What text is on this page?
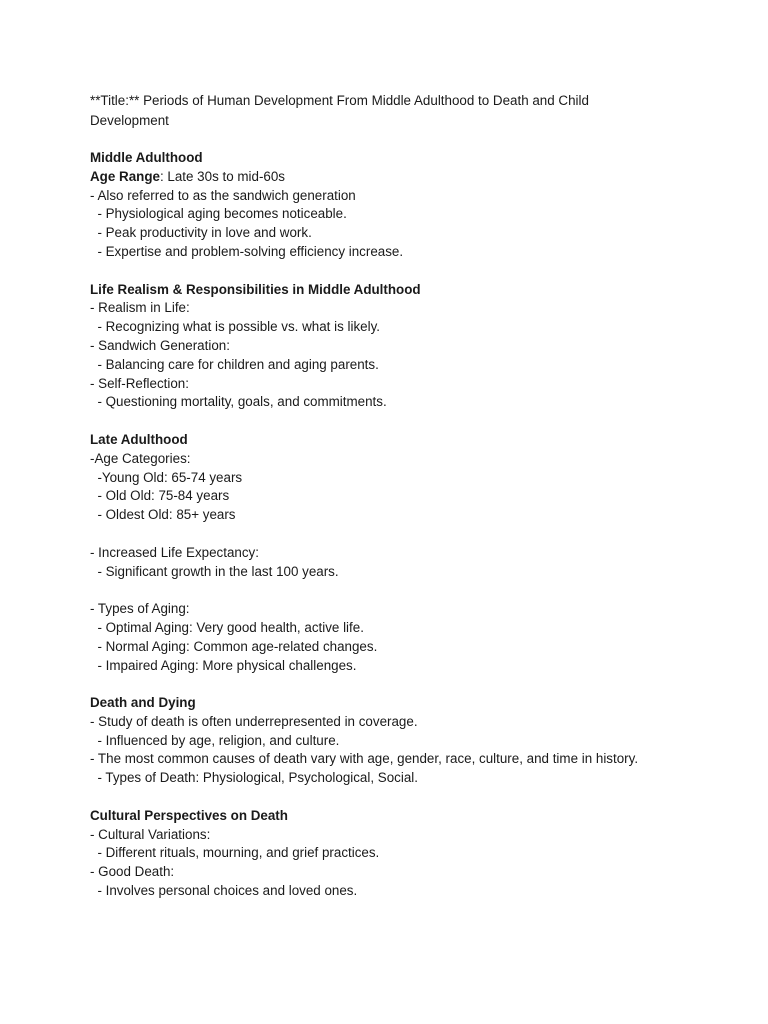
**Title:** Periods of Human Development From Middle Adulthood to Death and Child
Development
Middle Adulthood
Age Range: Late 30s to mid-60s
- Also referred to as the sandwich generation
- Physiological aging becomes noticeable.
- Peak productivity in love and work.
- Expertise and problem-solving efficiency increase.
Life Realism & Responsibilities in Middle Adulthood
- Realism in Life:
- Recognizing what is possible vs. what is likely.
- Sandwich Generation:
- Balancing care for children and aging parents.
- Self-Reflection:
- Questioning mortality, goals, and commitments.
Late Adulthood
-Age Categories:
-Young Old: 65-74 years
- Old Old: 75-84 years
- Oldest Old: 85+ years
- Increased Life Expectancy:
- Significant growth in the last 100 years.
- Types of Aging:
- Optimal Aging: Very good health, active life.
- Normal Aging: Common age-related changes.
- Impaired Aging: More physical challenges.
Death and Dying
- Study of death is often underrepresented in coverage.
- Influenced by age, religion, and culture.
- The most common causes of death vary with age, gender, race, culture, and time in history.
- Types of Death: Physiological, Psychological, Social.
Cultural Perspectives on Death
- Cultural Variations:
- Different rituals, mourning, and grief practices.
- Good Death:
- Involves personal choices and loved ones.
